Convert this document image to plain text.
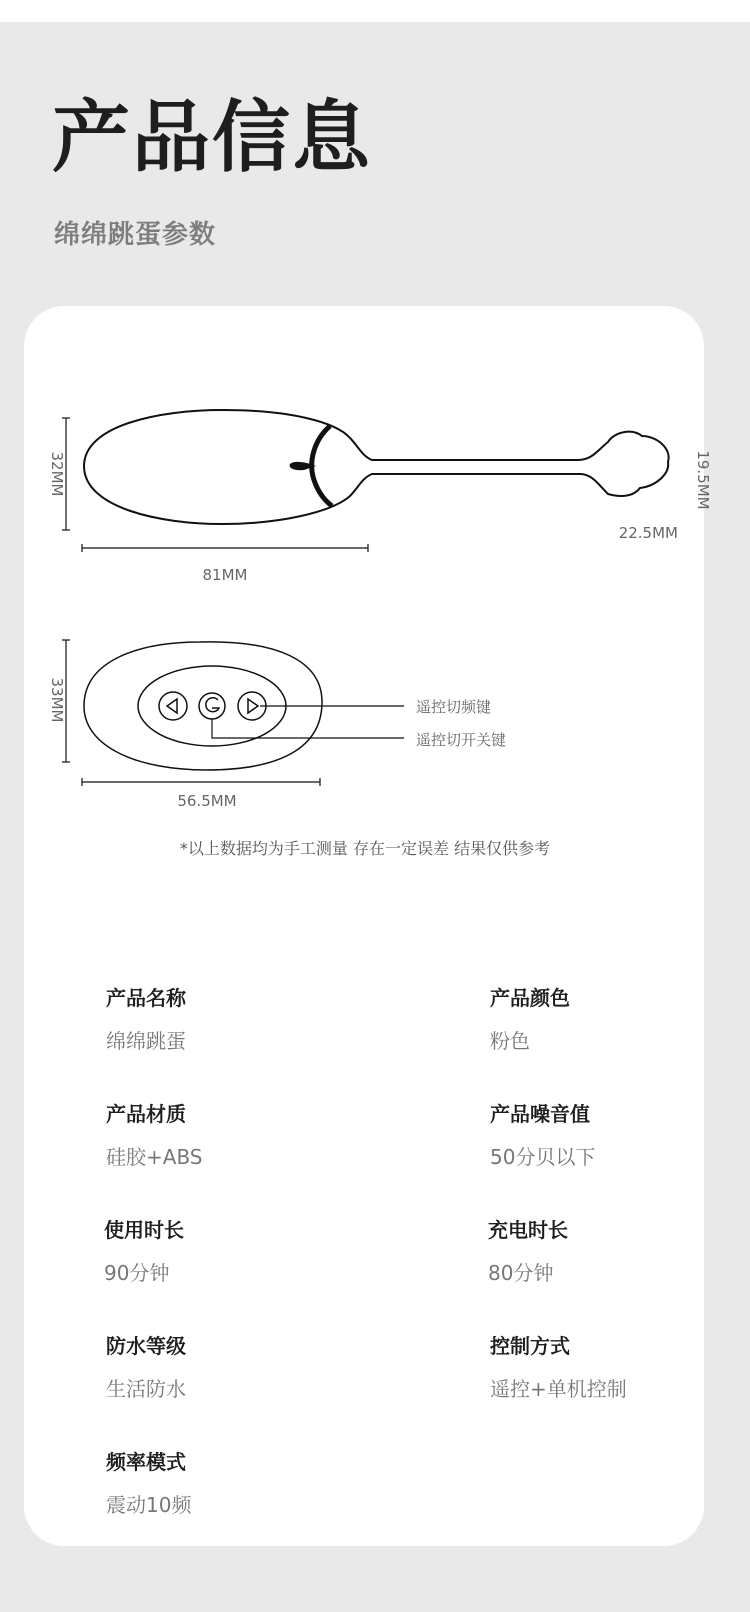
产品信息
绵绵跳蛋参数
32MM
81MM
19.5MM
22.5MM
遥控切频键
遥控切开关键
33MM
56.5MM
*以上数据均为手工测量 存在一定误差 结果仅供参考
产品名称
绵绵跳蛋
产品颜色
粉色
产品材质
硅胶+ABS
产品噪音值
50分贝以下
使用时长
90分钟
充电时长
80分钟
防水等级
生活防水
控制方式
遥控+单机控制
频率模式
震动10频
